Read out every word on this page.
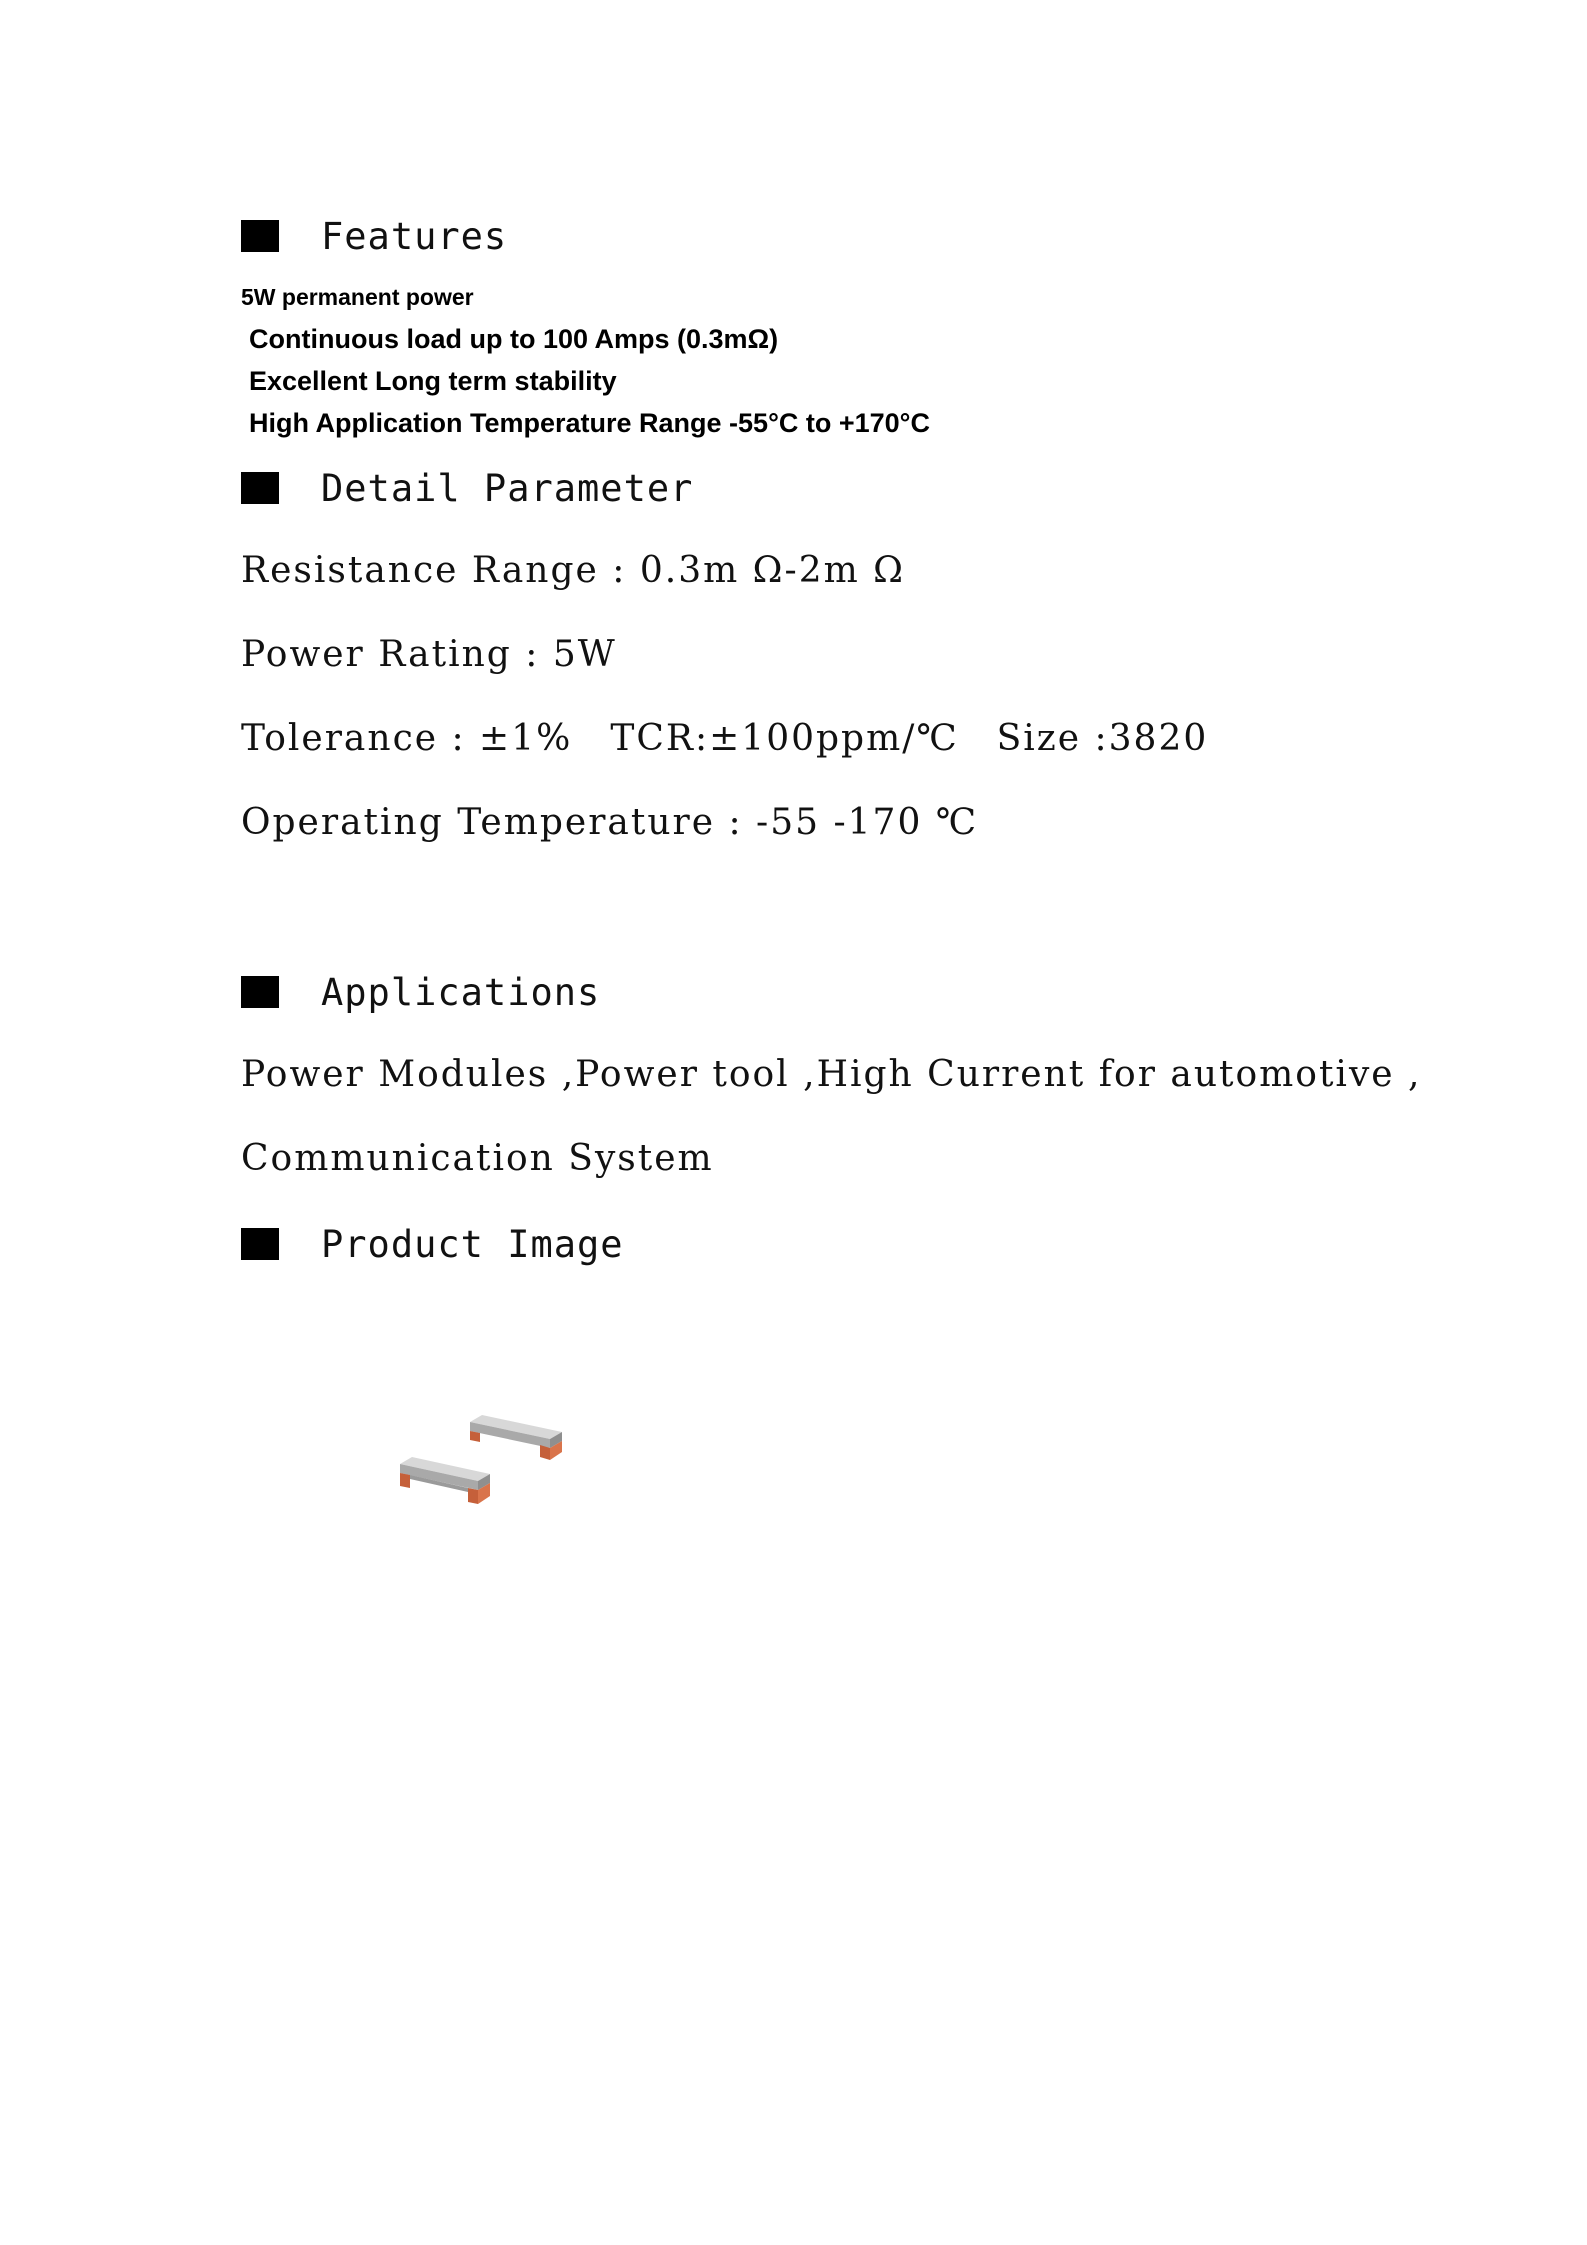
Features
5W permanent power
Continuous load up to 100 Amps (0.3mΩ)
Excellent Long term stability
High Application Temperature Range -55°C to +170°C
Detail Parameter
Resistance Range : 0.3m Ω-2m Ω
Power Rating : 5W
Tolerance : ±1% TCR:±100ppm/℃ Size :3820
Operating Temperature : -55 -170 ℃
Applications
Power Modules ,Power tool ,High Current for automotive ,
Communication System
Product Image
